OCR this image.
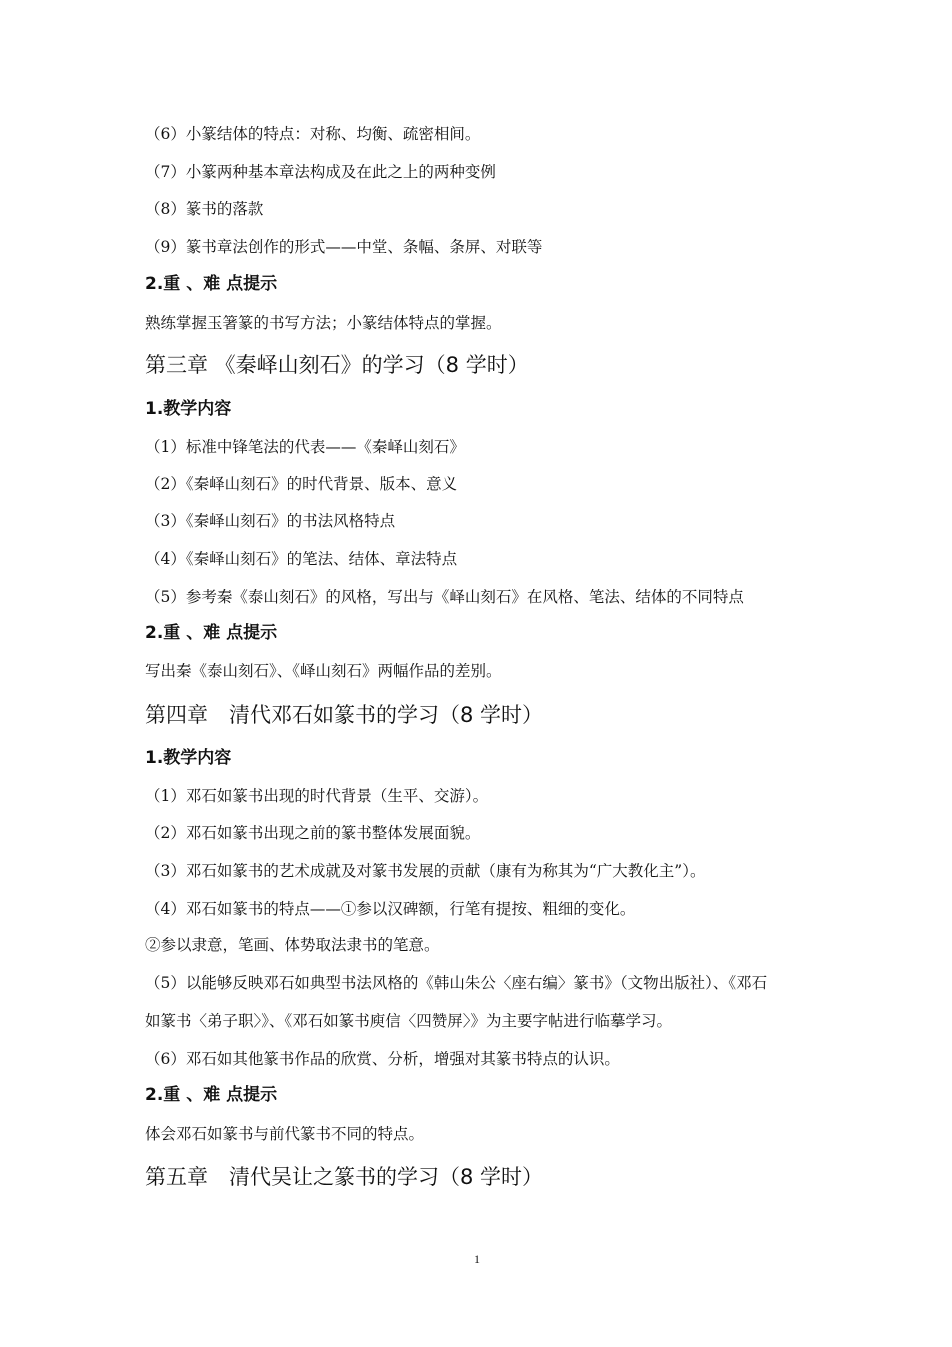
（6）小篆结体的特点：对称、均衡、疏密相间。
（7）小篆两种基本章法构成及在此之上的两种变例
（8）篆书的落款
（9）篆书章法创作的形式——中堂、条幅、条屏、对联等
2.重 、难 点提示
熟练掌握玉箸篆的书写方法；小篆结体特点的掌握。
第三章 《秦峄山刻石》的学习（8 学时）
1.教学内容
（1）标准中锋笔法的代表——《秦峄山刻石》
（2）《秦峄山刻石》的时代背景、版本、意义
（3）《秦峄山刻石》的书法风格特点
（4）《秦峄山刻石》的笔法、结体、章法特点
（5）参考秦《泰山刻石》的风格，写出与《峄山刻石》在风格、笔法、结体的不同特点
2.重 、难 点提示
写出秦《泰山刻石》、《峄山刻石》两幅作品的差别。
第四章　清代邓石如篆书的学习（8 学时）
1.教学内容
（1）邓石如篆书出现的时代背景（生平、交游）。
（2）邓石如篆书出现之前的篆书整体发展面貌。
（3）邓石如篆书的艺术成就及对篆书发展的贡献（康有为称其为“广大教化主”）。
（4）邓石如篆书的特点——①参以汉碑额，行笔有提按、粗细的变化。
②参以隶意，笔画、体势取法隶书的笔意。
（5）以能够反映邓石如典型书法风格的《韩山朱公〈座右编〉篆书》（文物出版社）、《邓石
如篆书〈弟子职〉》、《邓石如篆书庾信〈四赞屏〉》为主要字帖进行临摹学习。
（6）邓石如其他篆书作品的欣赏、分析，增强对其篆书特点的认识。
2.重 、难 点提示
体会邓石如篆书与前代篆书不同的特点。
第五章　清代吴让之篆书的学习（8 学时）
1
